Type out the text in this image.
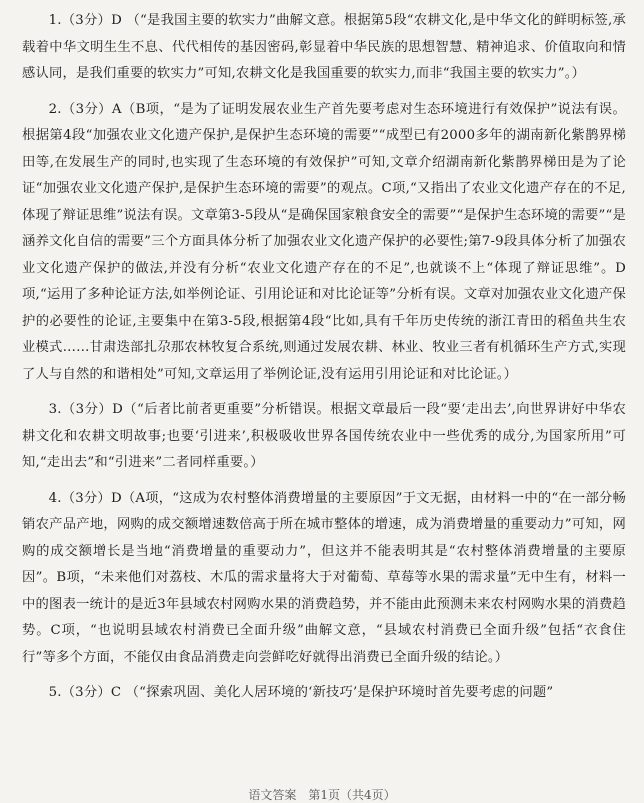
1.（3分）D （“是我国主要的软实力”曲解文意。根据第5段“农耕文化,是中华文化的鲜明标签,承载着中华文明生生不息、代代相传的基因密码,彰显着中华民族的思想智慧、精神追求、价值取向和情感认同，是我们重要的软实力”可知,农耕文化是我国重要的软实力,而非“我国主要的软实力”。）

2.（3分）A（B项，“是为了证明发展农业生产首先要考虑对生态环境进行有效保护”说法有误。根据第4段“加强农业文化遗产保护,是保护生态环境的需要”“成型已有2000多年的湖南新化紫鹊界梯田等,在发展生产的同时,也实现了生态环境的有效保护”可知,文章介绍湖南新化紫鹊界梯田是为了论证“加强农业文化遗产保护,是保护生态环境的需要”的观点。C项,“又指出了农业文化遗产存在的不足,体现了辩证思维”说法有误。文章第3-5段从“是确保国家粮食安全的需要”“是保护生态环境的需要”“是涵养文化自信的需要”三个方面具体分析了加强农业文化遗产保护的必要性;第7-9段具体分析了加强农业文化遗产保护的做法,并没有分析“农业文化遗产存在的不足”,也就谈不上“体现了辩证思维”。D项,“运用了多种论证方法,如举例论证、引用论证和对比论证等”分析有误。文章对加强农业文化遗产保护的必要性的论证,主要集中在第3-5段,根据第4段“比如,具有千年历史传统的浙江青田的稻鱼共生农业模式……甘肃迭部扎尕那农林牧复合系统,则通过发展农耕、林业、牧业三者有机循环生产方式,实现了人与自然的和谐相处”可知,文章运用了举例论证,没有运用引用论证和对比论证。）

3.（3分）D（“后者比前者更重要”分析错误。根据文章最后一段“要‘走出去’,向世界讲好中华农耕文化和农耕文明故事;也要‘引进来’,积极吸收世界各国传统农业中一些优秀的成分,为国家所用”可知,“走出去”和“引进来”二者同样重要。）

4.（3分）D（A项，“这成为农村整体消费增量的主要原因”于文无据，由材料一中的“在一部分畅销农产品产地，网购的成交额增速数倍高于所在城市整体的增速，成为消费增量的重要动力”可知，网购的成交额增长是当地“消费增量的重要动力”，但这并不能表明其是“农村整体消费增量的主要原因”。B项，“未来他们对荔枝、木瓜的需求量将大于对葡萄、草莓等水果的需求量”无中生有，材料一中的图表一统计的是近3年县域农村网购水果的消费趋势，并不能由此预测未来农村网购水果的消费趋势。C项，“也说明县域农村消费已全面升级”曲解文意，“县域农村消费已全面升级”包括“衣食住行”等多个方面，不能仅由食品消费走向尝鲜吃好就得出消费已全面升级的结论。）

5.（3分）C （“探索巩固、美化人居环境的‘新技巧’是保护环境时首先要考虑的问题”

语文答案　第1页（共4页）
